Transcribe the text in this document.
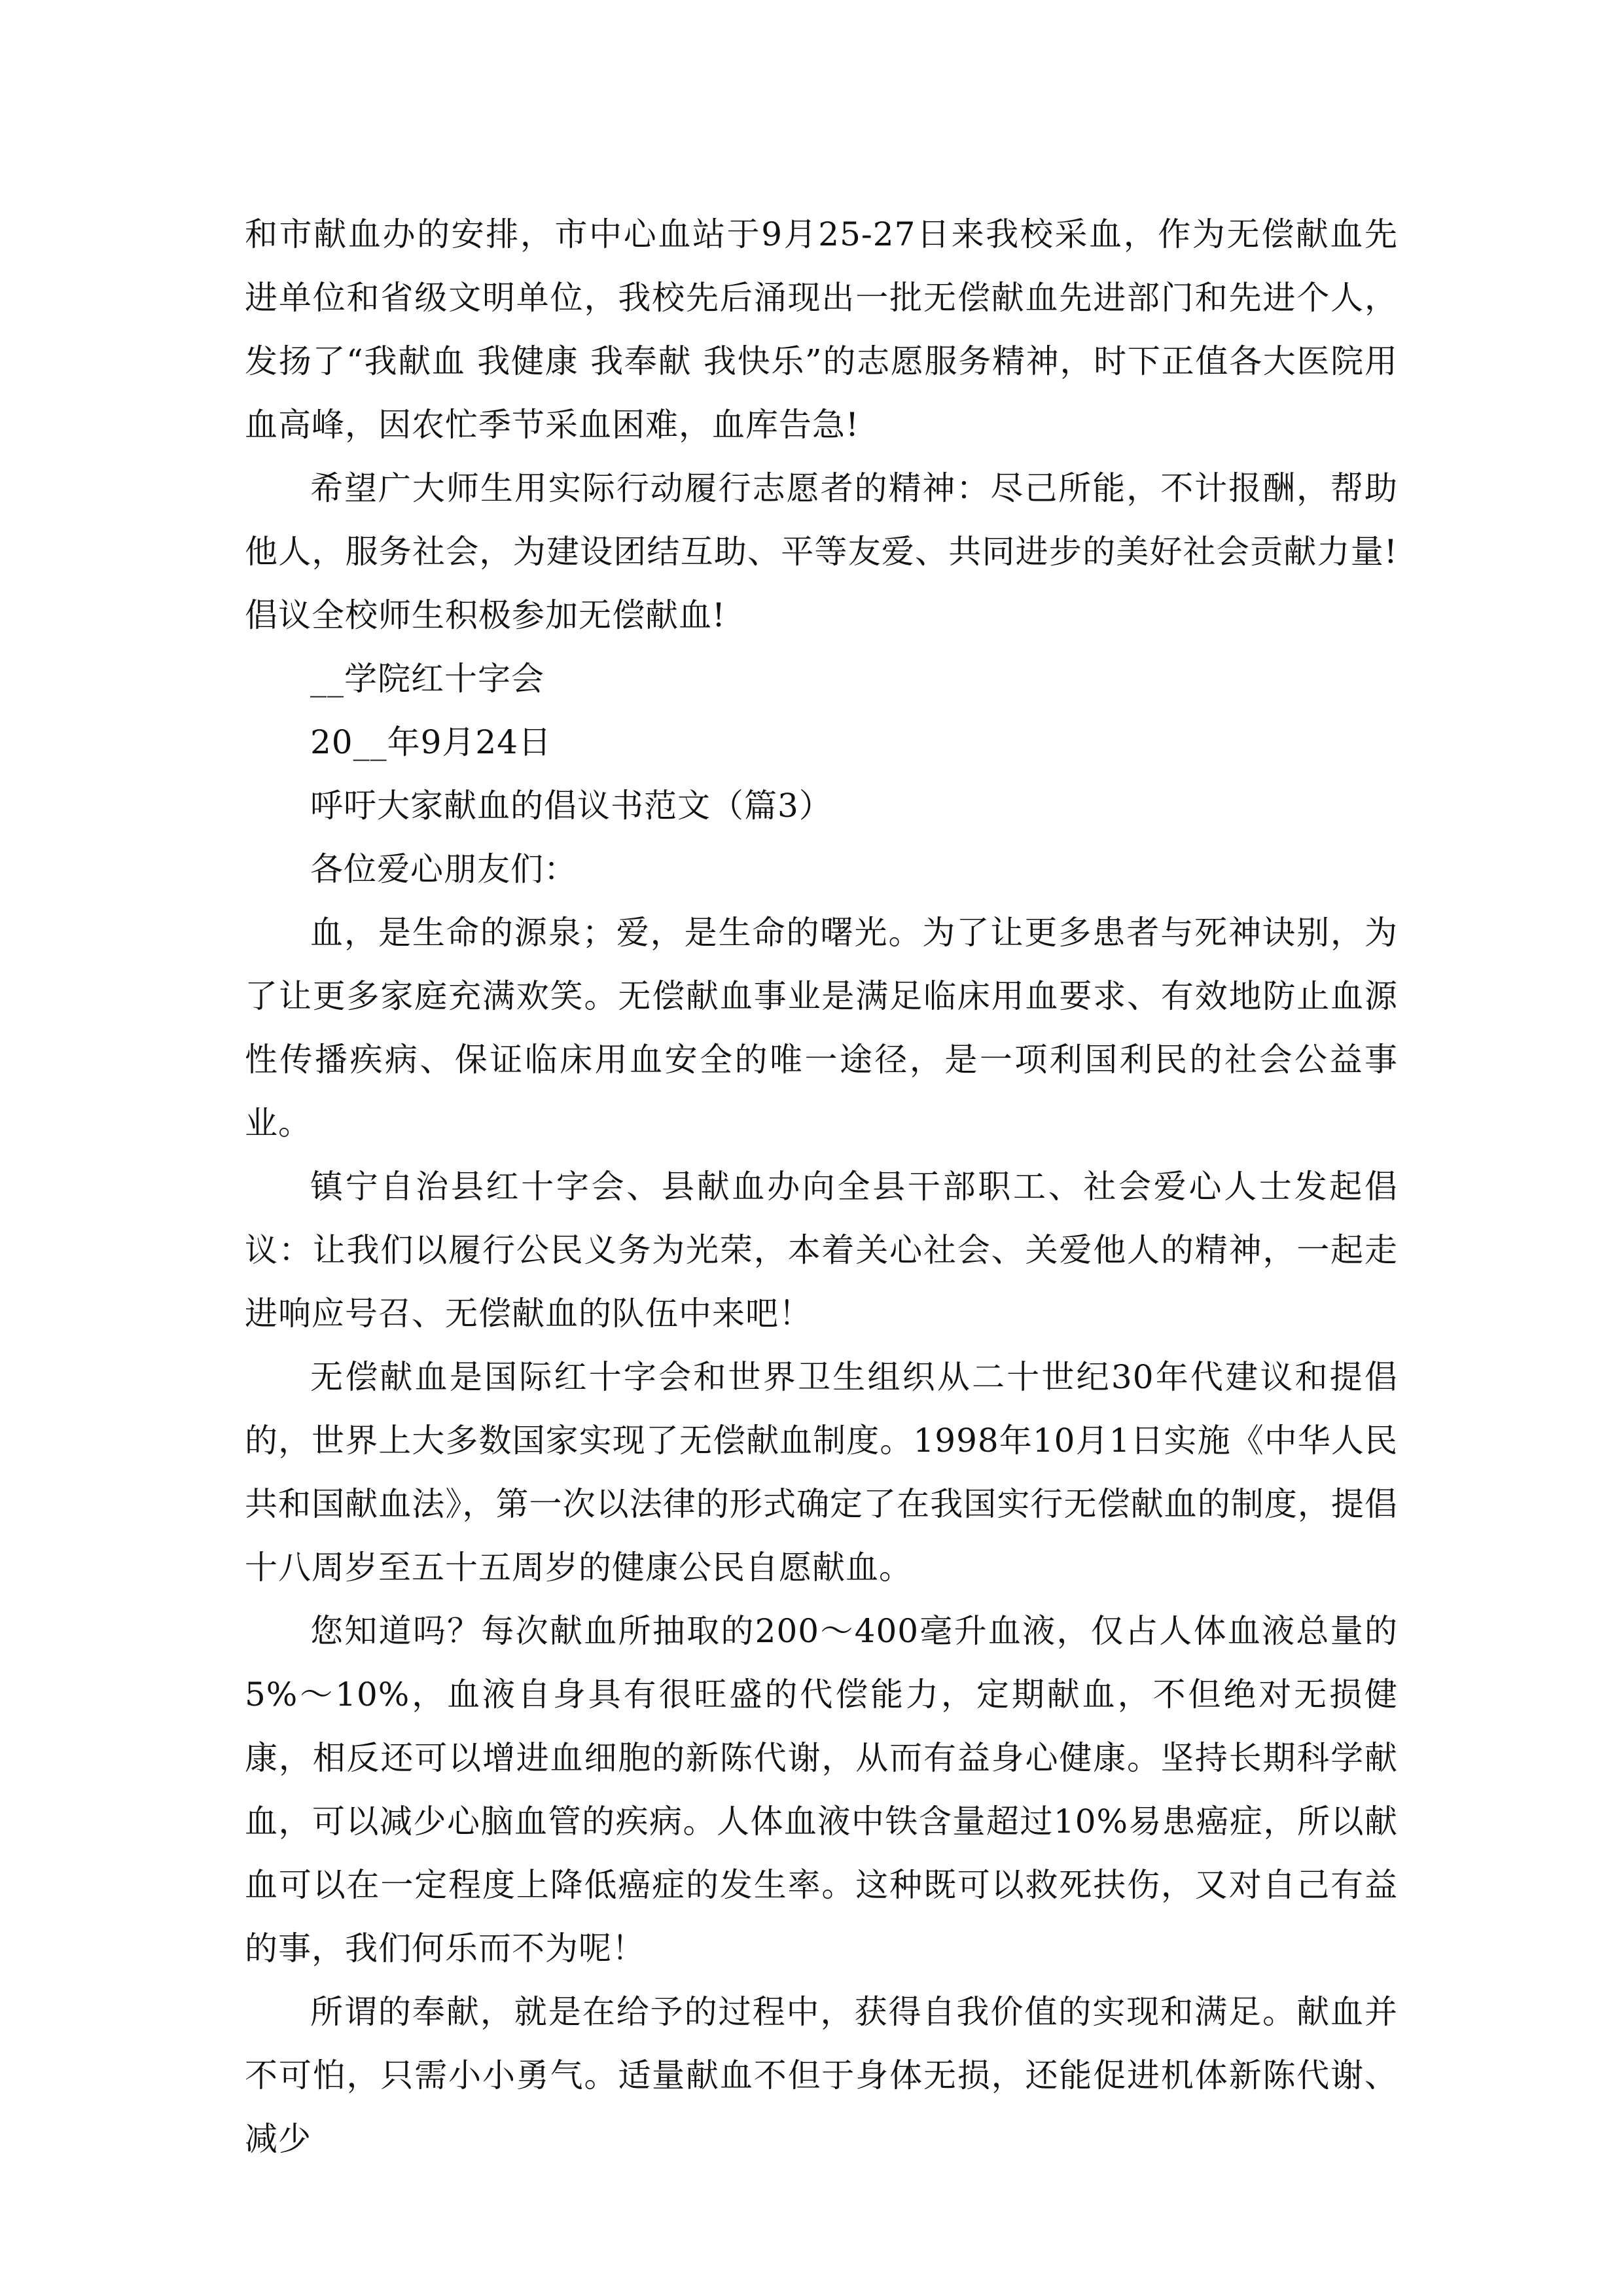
和市献血办的安排，市中心血站于9月25-27日来我校采血，作为无偿献血先进单位和省级文明单位，我校先后涌现出一批无偿献血先进部门和先进个人，发扬了“我献血 我健康 我奉献 我快乐”的志愿服务精神，时下正值各大医院用血高峰，因农忙季节采血困难，血库告急!

希望广大师生用实际行动履行志愿者的精神：尽己所能，不计报酬，帮助他人，服务社会，为建设团结互助、平等友爱、共同进步的美好社会贡献力量!倡议全校师生积极参加无偿献血!

__学院红十字会
20__年9月24日
呼吁大家献血的倡议书范文（篇3）
各位爱心朋友们：

血，是生命的源泉；爱，是生命的曙光。为了让更多患者与死神诀别，为了让更多家庭充满欢笑。无偿献血事业是满足临床用血要求、有效地防止血源性传播疾病、保证临床用血安全的唯一途径，是一项利国利民的社会公益事业。

镇宁自治县红十字会、县献血办向全县干部职工、社会爱心人士发起倡议：让我们以履行公民义务为光荣，本着关心社会、关爱他人的精神，一起走进响应号召、无偿献血的队伍中来吧！

无偿献血是国际红十字会和世界卫生组织从二十世纪30年代建议和提倡的，世界上大多数国家实现了无偿献血制度。1998年10月1日实施《中华人民共和国献血法》，第一次以法律的形式确定了在我国实行无偿献血的制度，提倡十八周岁至五十五周岁的健康公民自愿献血。

您知道吗？每次献血所抽取的200～400毫升血液，仅占人体血液总量的5%～10%，血液自身具有很旺盛的代偿能力，定期献血，不但绝对无损健康，相反还可以增进血细胞的新陈代谢，从而有益身心健康。坚持长期科学献血，可以减少心脑血管的疾病。人体血液中铁含量超过10%易患癌症，所以献血可以在一定程度上降低癌症的发生率。这种既可以救死扶伤，又对自己有益的事，我们何乐而不为呢！

所谓的奉献，就是在给予的过程中，获得自我价值的实现和满足。献血并不可怕，只需小小勇气。适量献血不但于身体无损，还能促进机体新陈代谢、减少
